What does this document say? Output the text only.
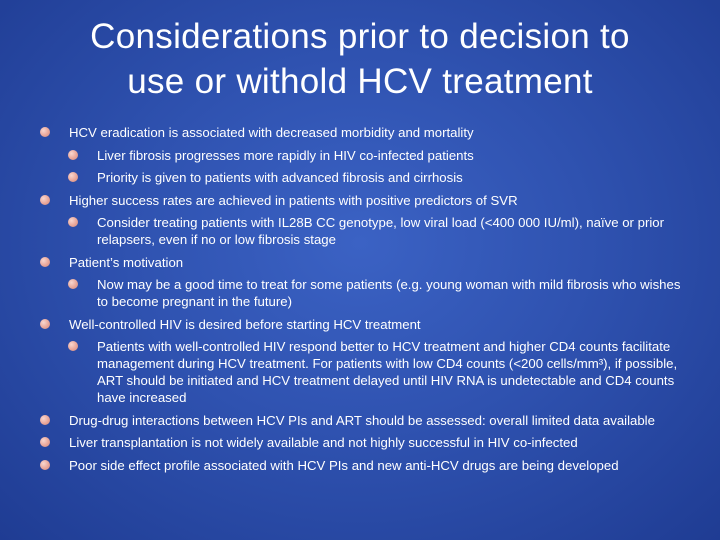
Considerations prior to decision to
use or withold HCV treatment
HCV eradication is associated with decreased morbidity and mortality
Liver fibrosis progresses more rapidly in HIV co-infected patients
Priority is given to patients with advanced fibrosis and cirrhosis
Higher success rates are achieved in patients with positive predictors of SVR
Consider treating patients with IL28B CC genotype, low viral load (<400 000 IU/ml), naïve or prior relapsers, even if no or low fibrosis stage
Patient’s motivation
Now may be a good time to treat for some patients (e.g. young woman with mild fibrosis who wishes to become pregnant in the future)
Well-controlled HIV is desired before starting HCV treatment
Patients with well-controlled HIV respond better to HCV treatment and higher CD4 counts facilitate management during HCV treatment. For patients with low CD4 counts (<200 cells/mm³), if possible, ART should be initiated and HCV treatment delayed until HIV RNA is undetectable and CD4 counts have increased
Drug-drug interactions between HCV PIs and ART should be assessed: overall limited data available
Liver transplantation is not widely available and not highly successful in HIV co-infected
Poor side effect profile associated with HCV PIs and new anti-HCV drugs are being developed
